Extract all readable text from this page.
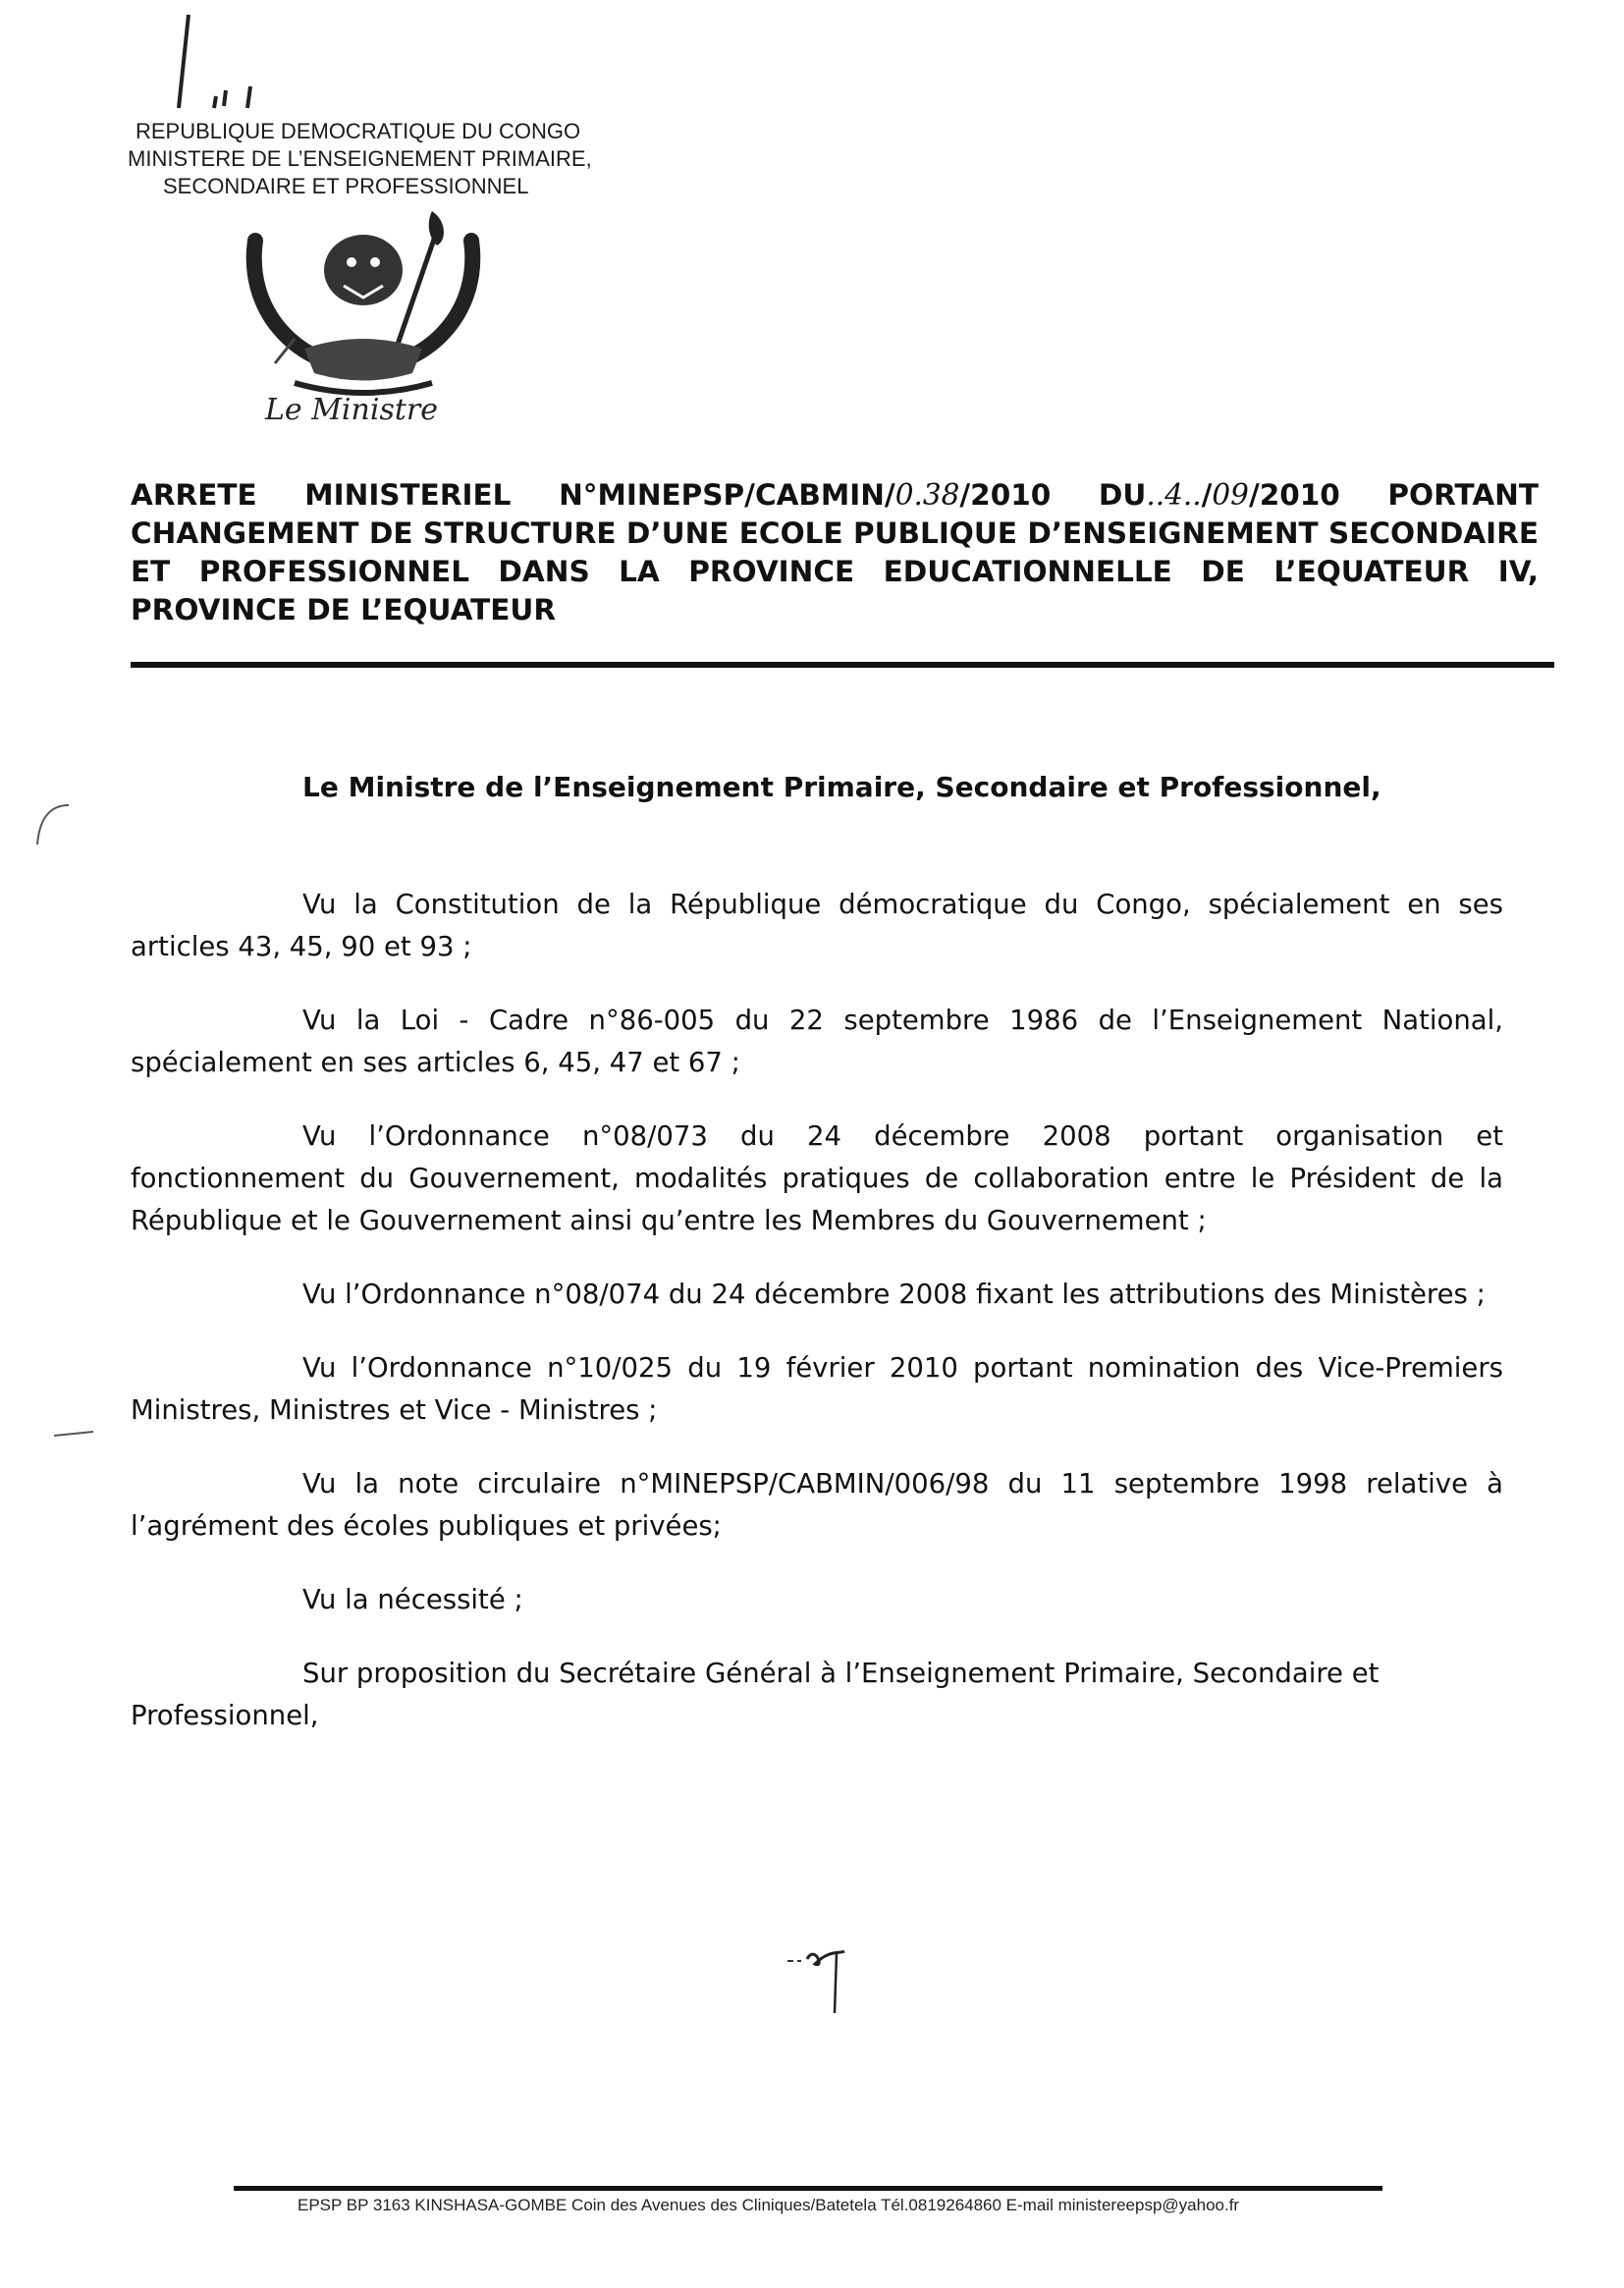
REPUBLIQUE DEMOCRATIQUE DU CONGO
MINISTERE DE L’ENSEIGNEMENT PRIMAIRE,
SECONDAIRE ET PROFESSIONNEL
Le Ministre
ARRETE MINISTERIEL N°MINEPSP/CABMIN/0.38/2010 DU..4../09/2010 PORTANT CHANGEMENT DE STRUCTURE D’UNE ECOLE PUBLIQUE D’ENSEIGNEMENT SECONDAIRE ET PROFESSIONNEL DANS LA PROVINCE EDUCATIONNELLE DE L’EQUATEUR IV, PROVINCE DE L’EQUATEUR
Le Ministre de l’Enseignement Primaire, Secondaire et Professionnel,

Vu la Constitution de la République démocratique du Congo, spécialement en ses articles 43, 45, 90 et 93 ;

Vu la Loi - Cadre n°86-005 du 22 septembre 1986 de l’Enseignement National, spécialement en ses articles 6, 45, 47 et 67 ;

Vu l’Ordonnance n°08/073 du 24 décembre 2008 portant organisation et fonctionnement du Gouvernement, modalités pratiques de collaboration entre le Président de la République et le Gouvernement ainsi qu’entre les Membres du Gouvernement ;

Vu l’Ordonnance n°08/074 du 24 décembre 2008 fixant les attributions des Ministères ;

Vu l’Ordonnance n°10/025 du 19 février 2010 portant nomination des Vice-Premiers Ministres, Ministres et Vice - Ministres ;

Vu la note circulaire n°MINEPSP/CABMIN/006/98 du 11 septembre 1998 relative à l’agrément des écoles publiques et privées;

Vu la nécessité ;

Sur proposition du Secrétaire Général à l’Enseignement Primaire, Secondaire et Professionnel,

EPSP BP 3163 KINSHASA-GOMBE Coin des Avenues des Cliniques/Batetela Tél.0819264860 E-mail ministereepsp@yahoo.fr
